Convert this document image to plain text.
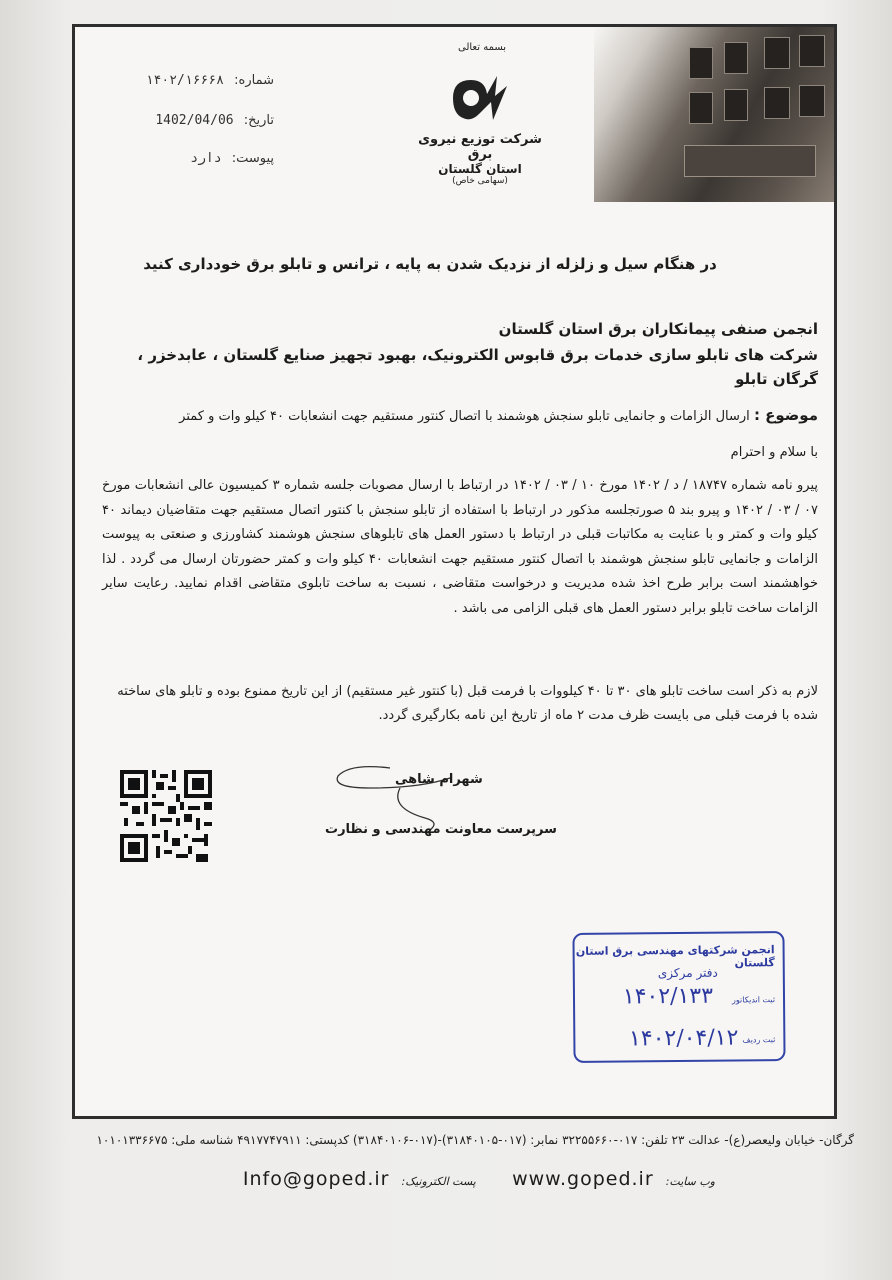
شماره: ۱۴۰۲/۱۶۶۶۸
تاریخ: 1402/04/06
پیوست: دارد
بسمه تعالی
شرکت توزیع نیروی برق
استان گلستان
(سهامی خاص)
در هنگام سیل و زلزله از نزدیک شدن به پایه ، ترانس و تابلو برق خودداری کنید
انجمن صنفی پیمانکاران برق استان گلستان
شرکت های تابلو سازی خدمات برق قابوس الکترونیک، بهبود تجهیز صنایع گلستان ، عابدخزر ، گرگان تابلو
موضوع : ارسال الزامات و جانمایی تابلو سنجش هوشمند با اتصال کنتور مستقیم جهت انشعابات ۴۰ کیلو وات و کمتر
با سلام و احترام

پیرو نامه شماره ۱۸۷۴۷ / د / ۱۴۰۲ مورخ ۱۰ / ۰۳ / ۱۴۰۲ در ارتباط با ارسال مصوبات جلسه شماره ۳ کمیسیون عالی انشعابات مورخ ۰۷ / ۰۳ / ۱۴۰۲ و پیرو بند ۵ صورتجلسه مذکور در ارتباط با استفاده از تابلو سنجش با کنتور اتصال مستقیم جهت متقاضیان دیماند ۴۰ کیلو وات و کمتر و با عنایت به مکاتبات قبلی در ارتباط با دستور العمل های تابلوهای سنجش هوشمند کشاورزی و صنعتی به پیوست الزامات و جانمایی تابلو سنجش هوشمند با اتصال کنتور مستقیم جهت انشعابات ۴۰ کیلو وات و کمتر حضورتان ارسال می گردد . لذا خواهشمند است برابر طرح اخذ شده مدیریت و درخواست متقاضی ، نسبت به ساخت تابلوی متقاضی اقدام نمایید. رعایت سایر الزامات ساخت تابلو برابر دستور العمل های قبلی الزامی می باشد .

لازم به ذکر است ساخت تابلو های ۳۰ تا ۴۰ کیلووات با فرمت قبل (با کنتور غیر مستقیم) از این تاریخ ممنوع بوده و تابلو های ساخته شده با فرمت قبلی می بایست ظرف مدت ۲ ماه از تاریخ این نامه بکارگیری گردد.
شهرام شاهی
سرپرست معاونت مهندسی و نظارت
انجمن شرکتهای مهندسی برق استان گلستان
دفتر مرکزی
۱۴۰۲/۱۳۳ ثبت اندیکاتور
۱۴۰۲/۰۴/۱۲ ثبت ردیف
گرگان- خیابان ولیعصر(ع)- عدالت ۲۳ تلفن: ۰۱۷-۳۲۲۵۵۶۶۰ نمابر: (۰۱۷-۳۱۸۴۰۱۰۵)-(۰۱۷-۳۱۸۴۰۱۰۶) کدپستی: ۴۹۱۷۷۴۷۹۱۱ شناسه ملی: ۱۰۱۰۱۳۳۶۶۷۵
وب سایت: www.goped.ir      پست الکترونیک: Info@goped.ir
